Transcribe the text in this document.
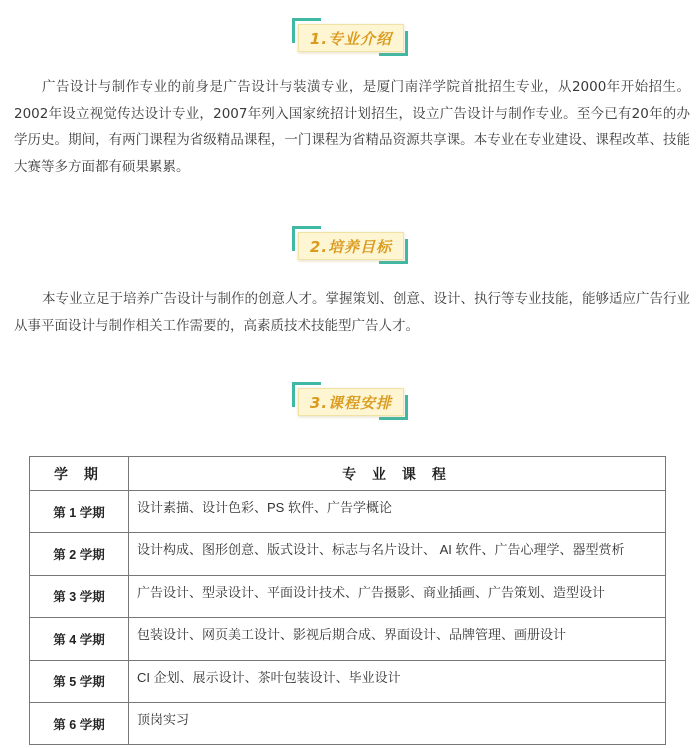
1.专业介绍

广告设计与制作专业的前身是广告设计与装潢专业，是厦门南洋学院首批招生专业，从2000年开始招生。2002年设立视觉传达设计专业，2007年列入国家统招计划招生，设立广告设计与制作专业。至今已有20年的办学历史。期间，有两门课程为省级精品课程，一门课程为省精品资源共享课。本专业在专业建设、课程改革、技能大赛等多方面都有硕果累累。

2.培养目标

本专业立足于培养广告设计与制作的创意人才。掌握策划、创意、设计、执行等专业技能，能够适应广告行业从事平面设计与制作相关工作需要的，高素质技术技能型广告人才。

3.课程安排
学 期	专 业 课 程
第 1 学期	设计素描、设计色彩、PS 软件、广告学概论
第 2 学期	设计构成、图形创意、版式设计、标志与名片设计、 AI 软件、广告心理学、器型赏析
第 3 学期	广告设计、型录设计、平面设计技术、广告摄影、商业插画、广告策划、造型设计
第 4 学期	包装设计、网页美工设计、影视后期合成、界面设计、品牌管理、画册设计
第 5 学期	CI 企划、展示设计、茶叶包装设计、毕业设计
第 6 学期	顶岗实习
